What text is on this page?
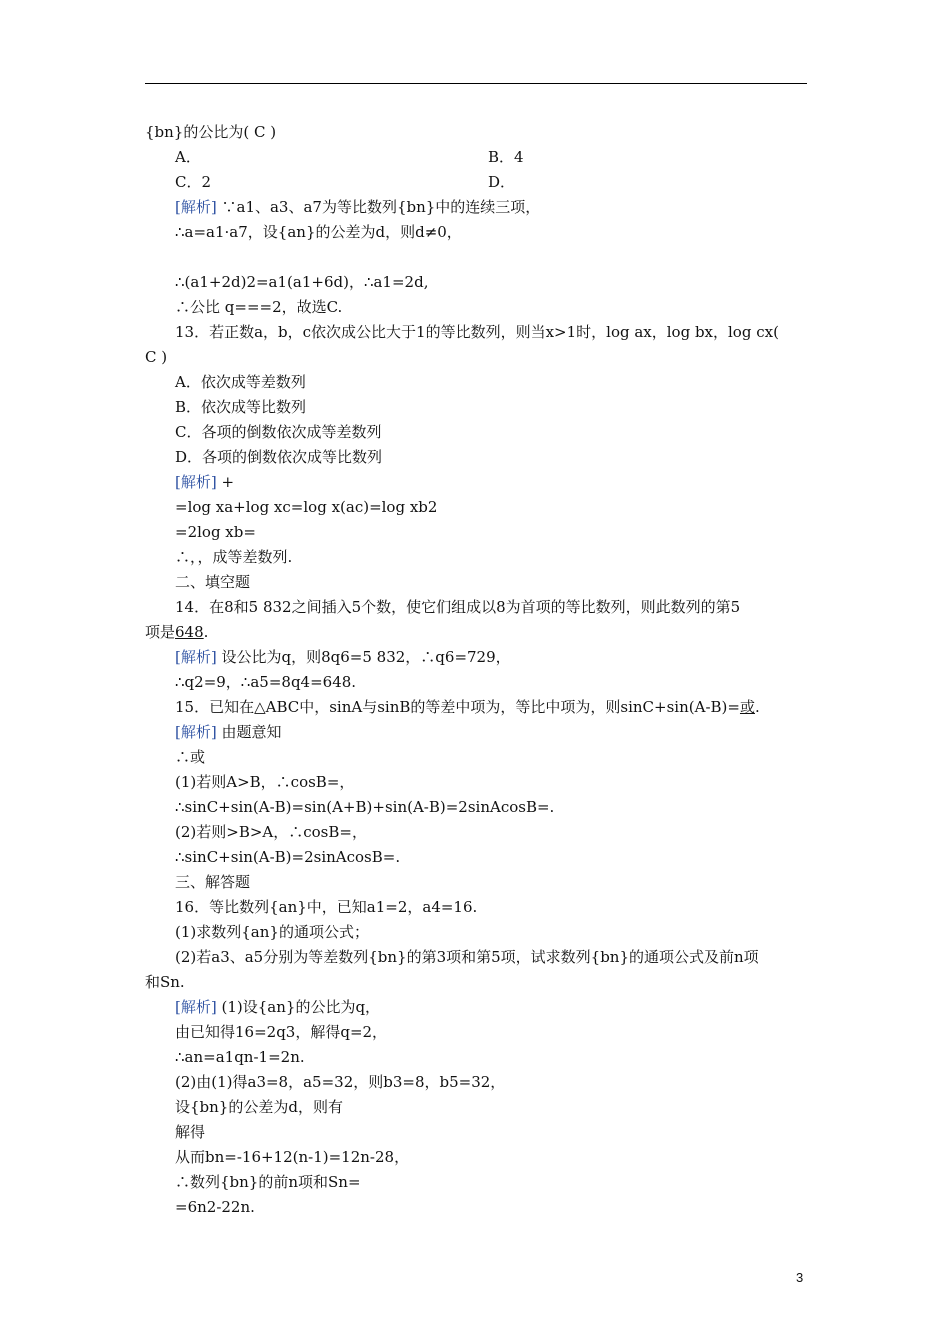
{bn}的公比为( C )
∴(a1+2d)2=a1(a1+6d)，∴a1=2d,
∴公比 q===2，故选C.
13．若正数a，b，c依次成公比大于1的等比数列，则当x>1时，log ax，log bx，log cx(
C )
A．依次成等差数列
B．依次成等比数列
C．各项的倒数依次成等差数列
D．各项的倒数依次成等比数列
=log xa+log xc=log x(ac)=log xb2
=2log xb=
∴，，成等差数列.
二、填空题
14．在8和5 832之间插入5个数，使它们组成以8为首项的等比数列，则此数列的第5
∴q2=9，∴a5=8q4=648.
∴或
(1)若则A>B，∴cosB=，
∴sinC+sin(A-B)=sin(A+B)+sin(A-B)=2sinAcosB=.
(2)若则>B>A，∴cosB=，
∴sinC+sin(A-B)=2sinAcosB=.
三、解答题
16．等比数列{an}中，已知a1=2，a4=16.
(1)求数列{an}的通项公式；
(2)若a3、a5分别为等差数列{bn}的第3项和第5项，试求数列{bn}的通项公式及前n项
和Sn.
由已知得16=2q3，解得q=2，
∴an=a1qn-1=2n.
(2)由(1)得a3=8，a5=32，则b3=8，b5=32，
设{bn}的公差为d，则有
解得
从而bn=-16+12(n-1)=12n-28，
∴数列{bn}的前n项和Sn=
=6n2-22n.
A．	B．4
C．2	D．
[解析] ∵a1、a3、a7为等比数列{bn}中的连续三项，
∴a=a1·a7，设{an}的公差为d，则d≠0，
[解析] +
项是648.
[解析] 设公比为q，则8q6=5 832，∴q6=729，
15．已知在△ABC中，sinA与sinB的等差中项为，等比中项为，则sinC+sin(A-B)=或.
[解析] 由题意知
[解析] (1)设{an}的公比为q，
3
